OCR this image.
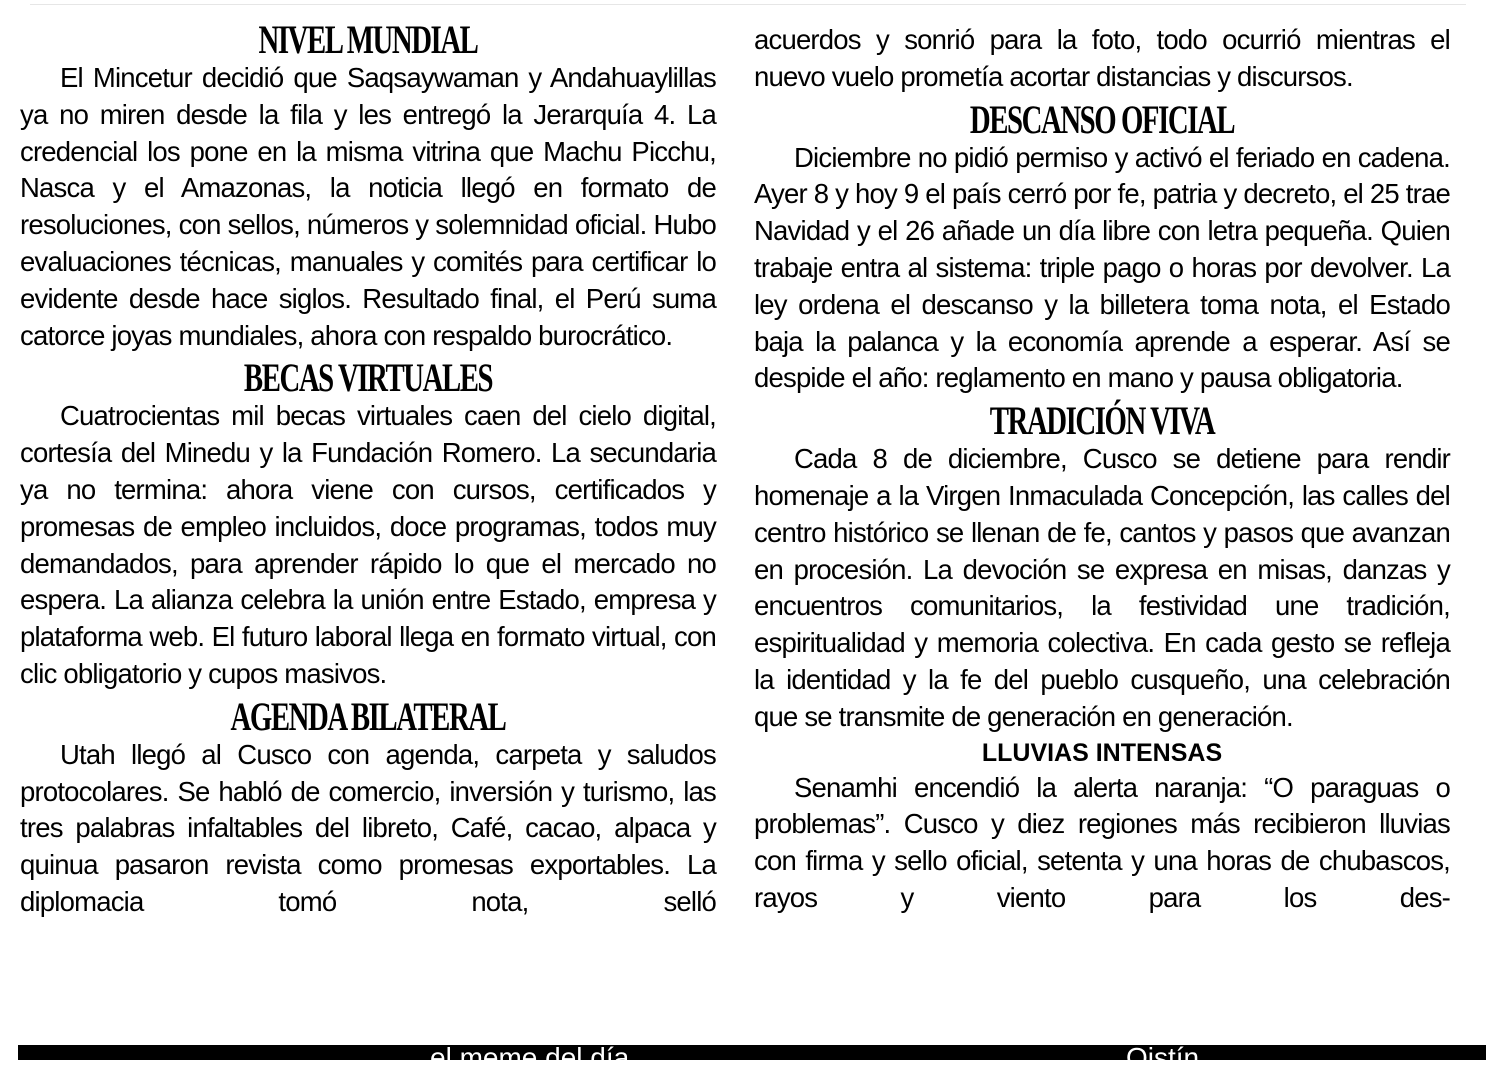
NIVEL MUNDIAL

El Mincetur decidió que Saqsaywaman y Andahuaylillas ya no miren desde la fila y les entregó la Jerarquía 4. La credencial los pone en la misma vitrina que Machu Picchu, Nasca y el Amazonas, la noticia llegó en formato de resoluciones, con sellos, números y solemnidad oficial. Hubo evaluaciones técnicas, manuales y comités para certificar lo evidente desde hace siglos. Resultado final, el Perú suma catorce joyas mundiales, ahora con respaldo burocrático.

BECAS VIRTUALES

Cuatrocientas mil becas virtuales caen del cielo digital, cortesía del Minedu y la Fundación Romero. La secundaria ya no termina: ahora viene con cursos, certificados y promesas de empleo incluidos, doce programas, todos muy demandados, para aprender rápido lo que el mercado no espera. La alianza celebra la unión entre Estado, empresa y plataforma web. El futuro laboral llega en formato virtual, con clic obligatorio y cupos masivos.

AGENDA BILATERAL

Utah llegó al Cusco con agenda, carpeta y saludos protocolares. Se habló de comercio, inversión y turismo, las tres palabras infaltables del libreto, Café, cacao, alpaca y quinua pasaron revista como promesas exportables. La diplomacia tomó nota, selló

acuerdos y sonrió para la foto, todo ocurrió mientras el nuevo vuelo prometía acortar distancias y discursos.

DESCANSO OFICIAL

Diciembre no pidió permiso y activó el feriado en cadena. Ayer 8 y hoy 9 el país cerró por fe, patria y decreto, el 25 trae Navidad y el 26 añade un día libre con letra pequeña. Quien trabaje entra al sistema: triple pago o horas por devolver. La ley ordena el descanso y la billetera toma nota, el Estado baja la palanca y la economía aprende a esperar. Así se despide el año: reglamento en mano y pausa obligatoria.

TRADICIÓN VIVA

Cada 8 de diciembre, Cusco se detiene para rendir homenaje a la Virgen Inmaculada Concepción, las calles del centro histórico se llenan de fe, cantos y pasos que avanzan en procesión. La devoción se expresa en misas, danzas y encuentros comunitarios, la festividad une tradición, espiritualidad y memoria colectiva. En cada gesto se refleja la identidad y la fe del pueblo cusqueño, una celebración que se transmite de generación en generación.

LLUVIAS INTENSAS

Senamhi encendió la alerta naranja: “O paraguas o problemas”. Cusco y diez regiones más recibieron lluvias con firma y sello oficial, setenta y una horas de chubascos, rayos y viento para los des-

el meme del día	Qistín
